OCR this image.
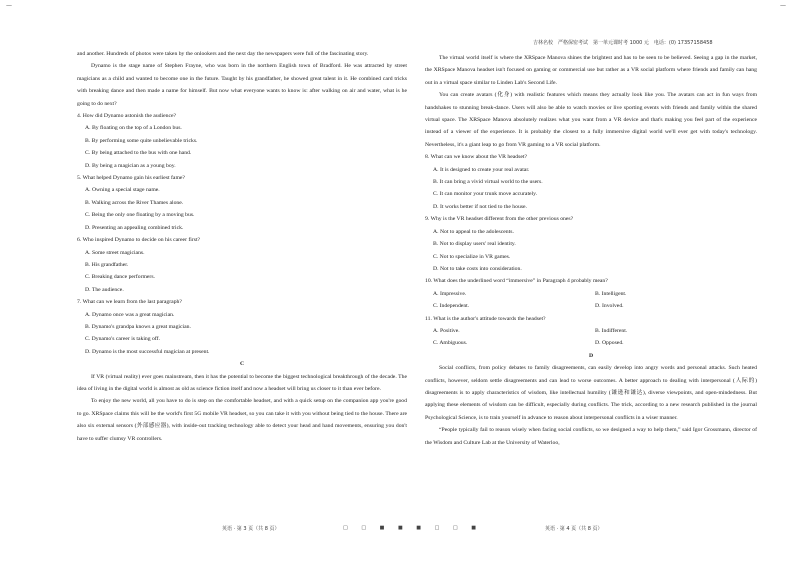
—	—
吉林名校　严格保密考试　第一单元课时考 1000 元　电话：(0) 17357158458

and another. Hundreds of photos were taken by the onlookers and the next day the newspapers were full of the fascinating story.

Dynamo is the stage name of Stephen Frayne, who was born in the northern English town of Bradford. He was attracted by street magicians as a child and wanted to become one in the future. Taught by his grandfather, he showed great talent in it. He combined card tricks with breaking dance and then made a name for himself. But now what everyone wants to know is: after walking on air and water, what is he going to do next?

4. How did Dynamo astonish the audience?

A. By floating on the top of a London bus.

B. By performing some quite unbelievable tricks.

C. By being attached to the bus with one hand.

D. By being a magician as a young boy.

5. What helped Dynamo gain his earliest fame?

A. Owning a special stage name.

B. Walking across the River Thames alone.

C. Being the only one floating by a moving bus.

D. Presenting an appealing combined trick.

6. Who inspired Dynamo to decide on his career first?

A. Some street magicians.

B. His grandfather.

C. Breaking dance performers.

D. The audience.

7. What can we learn from the last paragraph?

A. Dynamo once was a great magician.

B. Dynamo's grandpa knows a great magician.

C. Dynamo's career is taking off.

D. Dynamo is the most successful magician at present.

C

If VR (virtual reality) ever goes mainstream, then it has the potential to become the biggest technological breakthrough of the decade. The idea of living in the digital world is almost as old as science fiction itself and now a headset will bring us closer to it than ever before.

To enjoy the new world, all you have to do is step on the comfortable headset, and with a quick setup on the companion app you're good to go. XRSpace claims this will be the world's first 5G mobile VR headset, so you can take it with you without being tied to the house. There are also six external sensors (外部感应器), with inside-out tracking technology able to detect your head and hand movements, ensuring you don't have to suffer clumsy VR controllers.

The virtual world itself is where the XRSpace Manova shines the brightest and has to be seen to be believed. Seeing a gap in the market, the XRSpace Manova headset isn't focused on gaming or commercial use but rather as a VR social platform where friends and family can hang out in a virtual space similar to Linden Lab's Second Life.

You can create avatars (化身) with realistic features which means they actually look like you. The avatars can act in fun ways from handshakes to stunning break-dance. Users will also be able to watch movies or live sporting events with friends and family within the shared virtual space. The XRSpace Manova absolutely realizes what you want from a VR device and that's making you feel part of the experience instead of a viewer of the experience. It is probably the closest to a fully immersive digital world we'll ever get with today's technology. Nevertheless, it's a giant leap to go from VR gaming to a VR social platform.

8. What can we know about the VR headset?

A. It is designed to create your real avatar.

B. It can bring a vivid virtual world to the users.

C. It can monitor your trunk move accurately.

D. It works better if not tied to the house.

9. Why is the VR headset different from the other previous ones?

A. Not to appeal to the adolescents.

B. Not to display users' real identity.

C. Not to specialize in VR games.

D. Not to take costs into consideration.

10. What does the underlined word “immersive” in Paragraph 4 probably mean?

A. Impressive.	B. Intelligent.
C. Independent.	D. Involved.

11. What is the author's attitude towards the headset?

A. Positive.	B. Indifferent.
C. Ambiguous.	D. Opposed.

D

Social conflicts, from policy debates to family disagreements, can easily develop into angry words and personal attacks. Such heated conflicts, however, seldom settle disagreements and can lead to worse outcomes. A better approach to dealing with interpersonal (人际的) disagreements is to apply characteristics of wisdom, like intellectual humility (谦逊和谦达), diverse viewpoints, and open-mindedness. But applying these elements of wisdom can be difficult, especially during conflicts. The trick, according to a new research published in the journal Psychological Science, is to train yourself in advance to reason about interpersonal conflicts in a wiser manner.

“People typically fail to reason wisely when facing social conflicts, so we designed a way to help them,” said Igor Grossmann, director of the Wisdom and Culture Lab at the University of Waterloo,

英语 · 第 3 页（共 8 页）	□ □ ■ ■ ■ □ □ ■	英语 · 第 4 页（共 8 页）
